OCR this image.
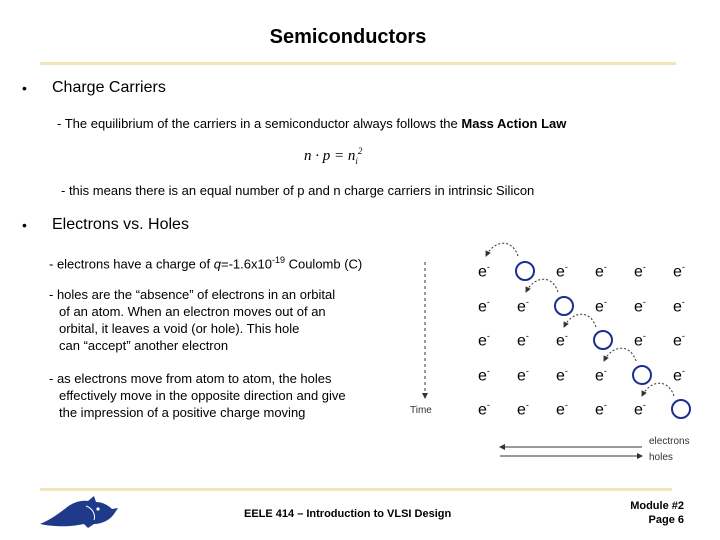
Semiconductors
• Charge Carriers
- The equilibrium of the carriers in a semiconductor always follows the Mass Action Law
$n \cdot p = n_i^2$
- this means there is an equal number of p and n charge carriers in intrinsic Silicon
• Electrons vs. Holes
- electrons have a charge of $q=-1.6x10^{-19}$ Coulomb (C)
- holes are the “absence” of electrons in an orbital
of an atom. When an electron moves out of an
orbital, it leaves a void (or hole). This hole
can “accept” another electron
- as electrons move from atom to atom, the holes
effectively move in the opposite direction and give
the impression of a positive charge moving
e-	e- e- e- e-
e- e-	e- e- e-
e- e- e-	e- e-
e- e- e- e-	e-
e- e- e- e- e-
Time
electrons
holes
EELE 414 – Introduction to VLSI Design
Module #2
Page 6
